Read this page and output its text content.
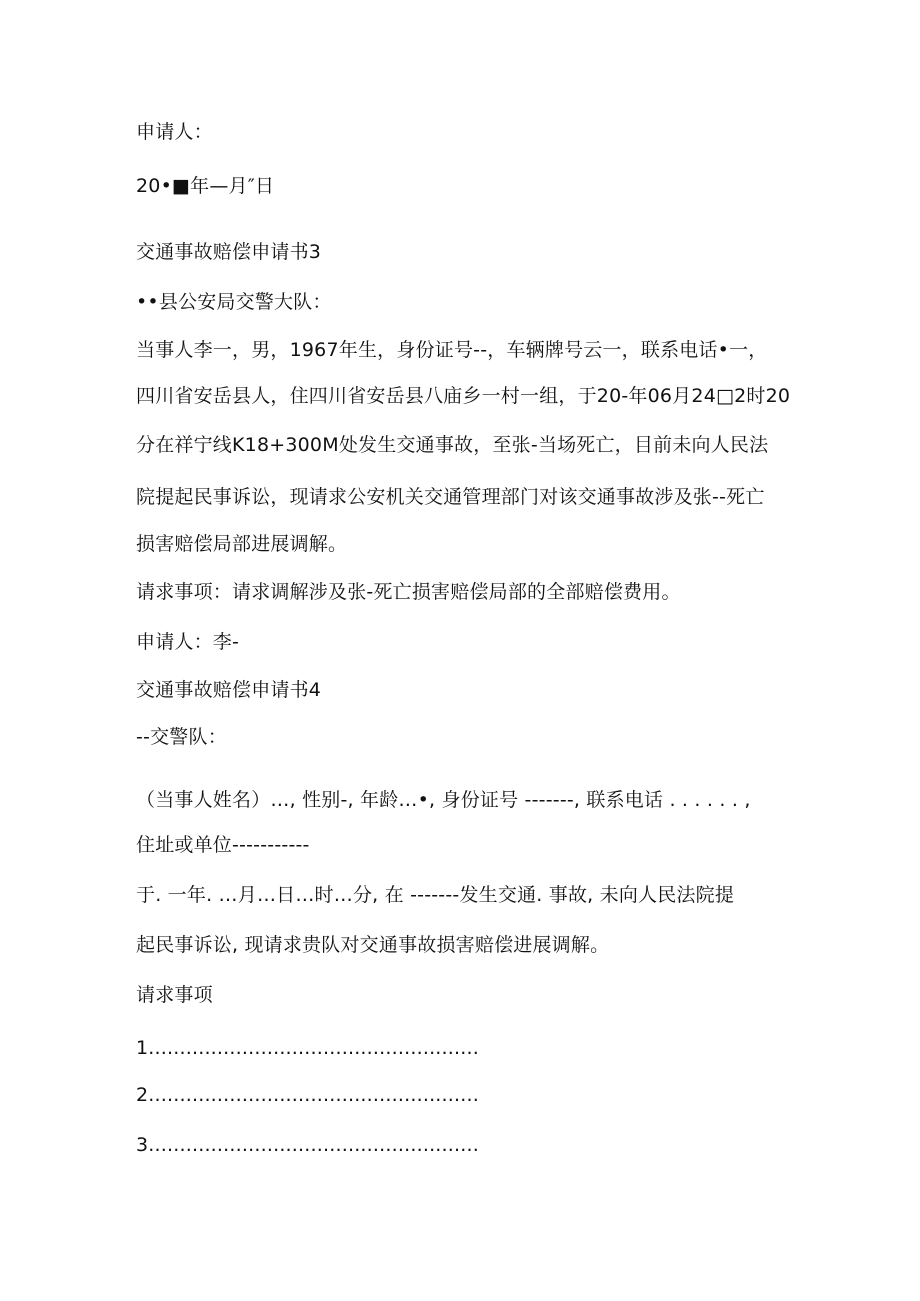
申请人：
20•■年—月″日
交通事故赔偿申请书3
••县公安局交警大队：
当事人李一，男，1967年生，身份证号--，车辆牌号云一，联系电话•一，
四川省安岳县人，住四川省安岳县八庙乡一村一组，于20-年06月24□2时20
分在祥宁线K18+300M处发生交通事故，至张-当场死亡，目前未向人民法
院提起民事诉讼，现请求公安机关交通管理部门对该交通事故涉及张--死亡
损害赔偿局部进展调解。
请求事项：请求调解涉及张-死亡损害赔偿局部的全部赔偿费用。
申请人：李-
交通事故赔偿申请书4
--交警队：
（当事人姓名）…, 性别-, 年龄…•, 身份证号 -------, 联系电话 . . . . . . ,
住址或单位-----------
于. 一年. …月…日…时…分, 在 -------发生交通. 事故, 未向人民法院提
起民事诉讼, 现请求贵队对交通事故损害赔偿进展调解。
请求事项
1.....................................................
2.....................................................
3.....................................................
